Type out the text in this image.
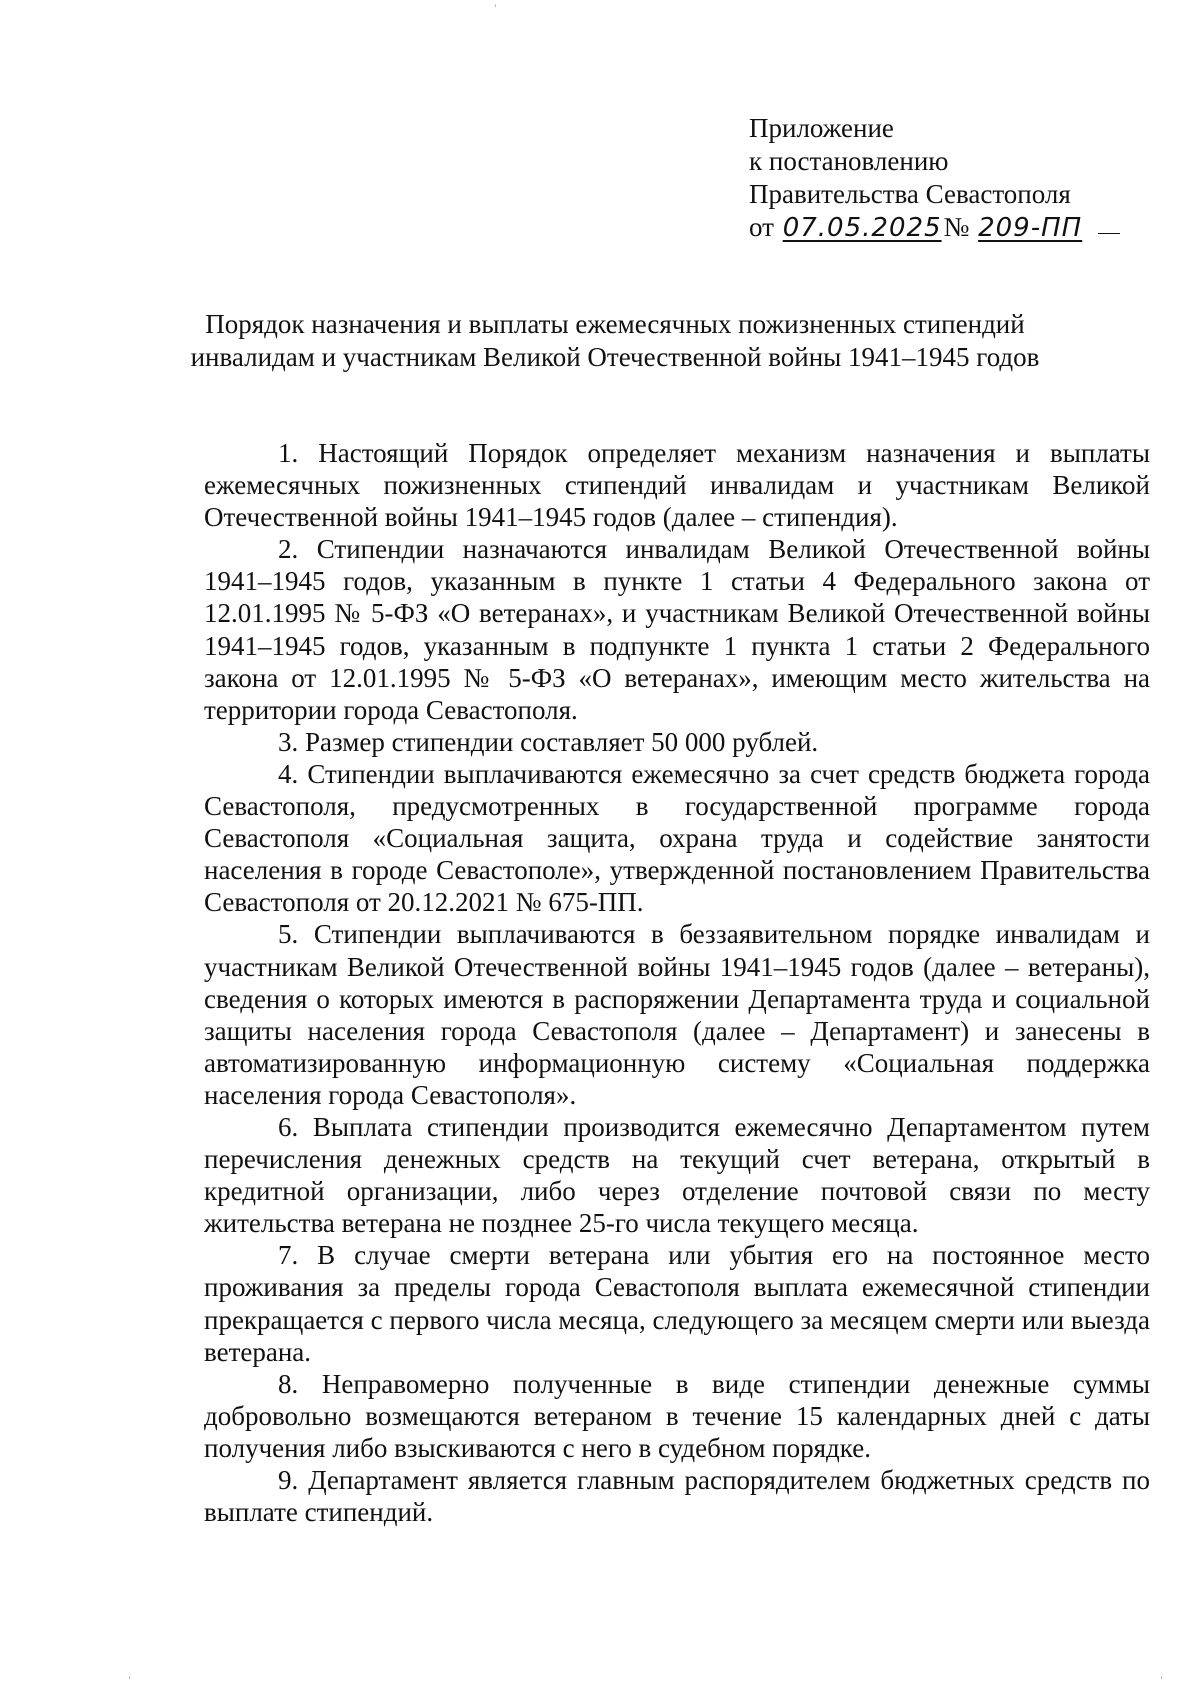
Приложение
к постановлению
Правительства Севастополя
от 07.05.2025№ 209-ПП
Порядок назначения и выплаты ежемесячных пожизненных стипендий
инвалидам и участникам Великой Отечественной войны 1941–1945 годов

1. Настоящий Порядок определяет механизм назначения и выплаты ежемесячных пожизненных стипендий инвалидам и участникам Великой Отечественной войны 1941–1945 годов (далее – стипендия).

2. Стипендии назначаются инвалидам Великой Отечественной войны 1941–1945 годов, указанным в пункте 1 статьи 4 Федерального закона от 12.01.1995 № 5-ФЗ «О ветеранах», и участникам Великой Отечественной войны 1941–1945 годов, указанным в подпункте 1 пункта 1 статьи 2 Федерального закона от 12.01.1995 № 5-ФЗ «О ветеранах», имеющим место жительства на территории города Севастополя.

3. Размер стипендии составляет 50 000 рублей.

4. Стипендии выплачиваются ежемесячно за счет средств бюджета города Севастополя, предусмотренных в государственной программе города Севастополя «Социальная защита, охрана труда и содействие занятости населения в городе Севастополе», утвержденной постановлением Правительства Севастополя от 20.12.2021 № 675-ПП.

5. Стипендии выплачиваются в беззаявительном порядке инвалидам и участникам Великой Отечественной войны 1941–1945 годов (далее – ветераны), сведения о которых имеются в распоряжении Департамента труда и социальной защиты населения города Севастополя (далее – Департамент) и занесены в автоматизированную информационную систему «Социальная поддержка населения города Севастополя».

6. Выплата стипендии производится ежемесячно Департаментом путем перечисления денежных средств на текущий счет ветерана, открытый в кредитной организации, либо через отделение почтовой связи по месту жительства ветерана не позднее 25-го числа текущего месяца.

7. В случае смерти ветерана или убытия его на постоянное место проживания за пределы города Севастополя выплата ежемесячной стипендии прекращается с первого числа месяца, следующего за месяцем смерти или выезда ветерана.

8. Неправомерно полученные в виде стипендии денежные суммы добровольно возмещаются ветераном в течение 15 календарных дней с даты получения либо взыскиваются с него в судебном порядке.

9. Департамент является главным распорядителем бюджетных средств по выплате стипендий.

ˈ
ˈ	ˈ
